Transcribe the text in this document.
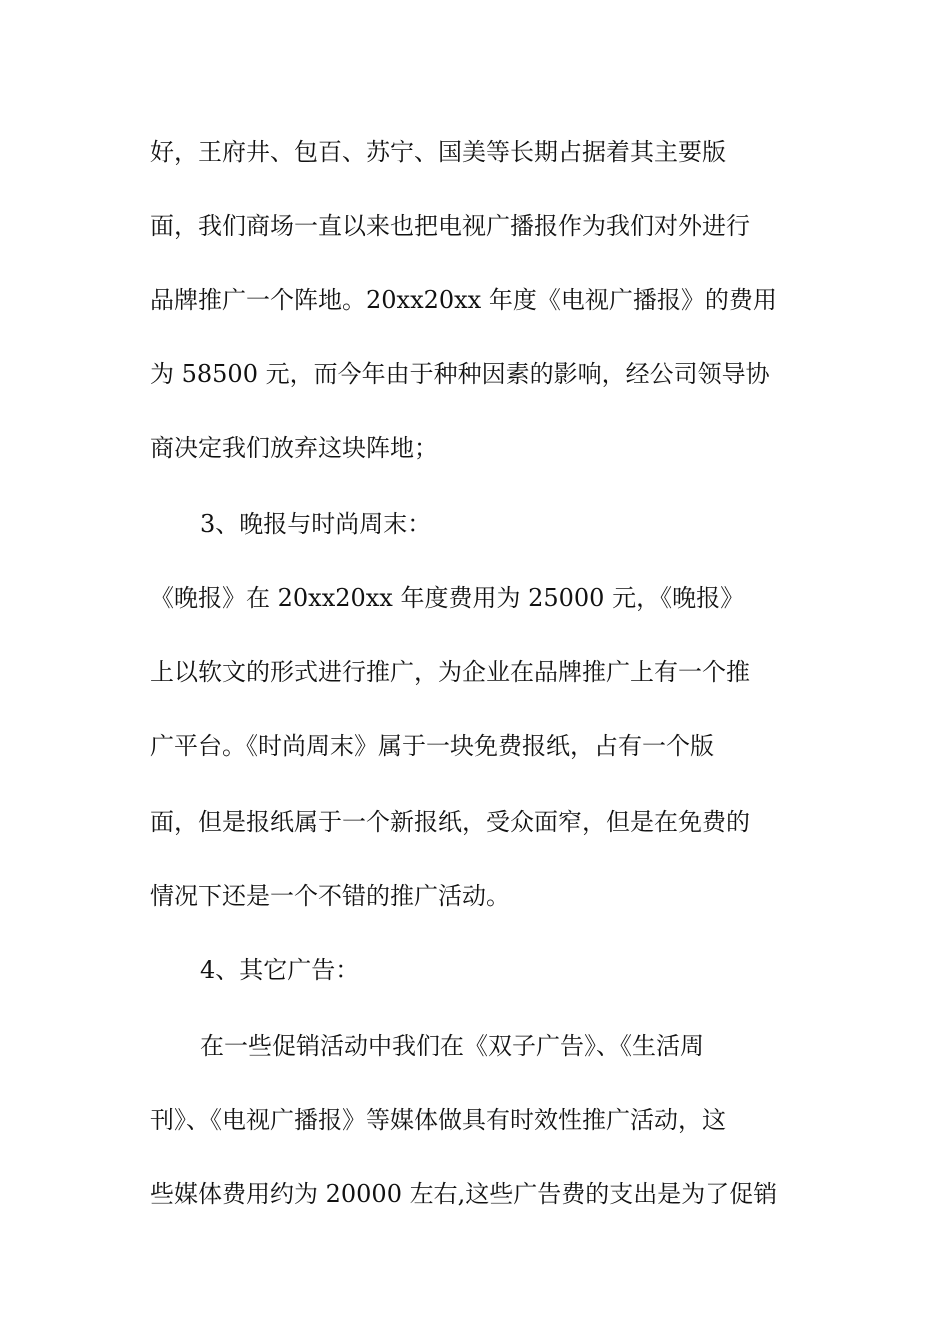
好，王府井、包百、苏宁、国美等长期占据着其主要版
面，我们商场一直以来也把电视广播报作为我们对外进行
品牌推广一个阵地。20xx20xx 年度《电视广播报》的费用
为 58500 元，而今年由于种种因素的影响，经公司领导协
商决定我们放弃这块阵地；
3、晚报与时尚周末：
《晚报》在 20xx20xx 年度费用为 25000 元，《晚报》
上以软文的形式进行推广，为企业在品牌推广上有一个推
广平台。《时尚周末》属于一块免费报纸，占有一个版
面，但是报纸属于一个新报纸，受众面窄，但是在免费的
情况下还是一个不错的推广活动。
4、其它广告：
在一些促销活动中我们在《双子广告》、《生活周
刊》、《电视广播报》等媒体做具有时效性推广活动，这
些媒体费用约为 20000 左右,这些广告费的支出是为了促销
